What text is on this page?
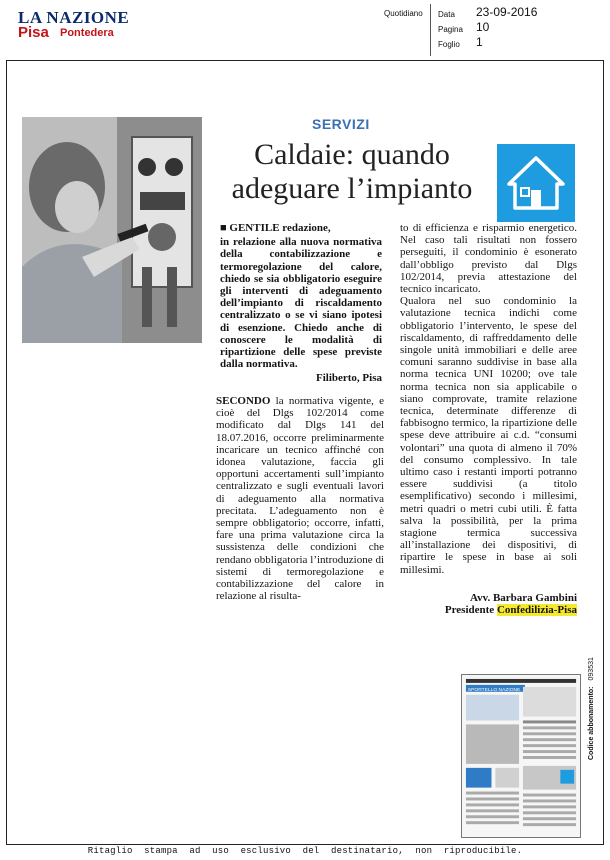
LA NAZIONE
Pisa Pontedera
Quotidiano Data 23-09-2016
Pagina 10
Foglio 1
SERVIZI
Caldaie: quando
adeguare l’impianto

■ GENTILE redazione,

in relazione alla nuova normativa della contabilizzazione e termoregolazione del calore, chiedo se sia obbligatorio eseguire gli interventi di adeguamento dell’impianto di riscaldamento centralizzato o se vi siano ipotesi di esenzione. Chiedo anche di conoscere le modalità di ripartizione delle spese previste dalla normativa.

Filiberto, Pisa

SECONDO la normativa vigente, e cioè del Dlgs 102/2014 come modificato dal Dlgs 141 del 18.07.2016, occorre preliminarmente incaricare un tecnico affinché con idonea valutazione, faccia gli opportuni accertamenti sull’impianto centralizzato e sugli eventuali lavori di adeguamento alla normativa precitata. L’adeguamento non è sempre obbligatorio; occorre, infatti, fare una prima valutazione circa la sussistenza delle condizioni che rendano obbligatoria l’introduzione di sistemi di termoregolazione e contabilizzazione del calore in relazione al risulta-

to di efficienza e risparmio energetico. Nel caso tali risultati non fossero perseguiti, il condominio è esonerato dall’obbligo previsto dal Dlgs 102/2014, previa attestazione del tecnico incaricato.

Qualora nel suo condominio la valutazione tecnica indichi come obbligatorio l’intervento, le spese del riscaldamento, di raffreddamento delle singole unità immobiliari e delle aree comuni saranno suddivise in base alla norma tecnica UNI 10200; ove tale norma tecnica non sia applicabile o siano comprovate, tramite relazione tecnica, determinate differenze di fabbisogno termico, la ripartizione delle spese deve attribuire ai c.d. “consumi volontari” una quota di almeno il 70% del consumo complessivo. In tale ultimo caso i restanti importi potranno essere suddivisi (a titolo esemplificativo) secondo i millesimi, metri quadri o metri cubi utili. È fatta salva la possibilità, per la prima stagione termica successiva all’installazione dei dispositivi, di ripartire le spese in base ai soli millesimi.

Avv. Barbara Gambini

Presidente Confedilizia-Pisa

SPORTELLO NAZIONE	Codice abbonamento:093531
Ritaglio stampa ad uso esclusivo del destinatario, non riproducibile.
